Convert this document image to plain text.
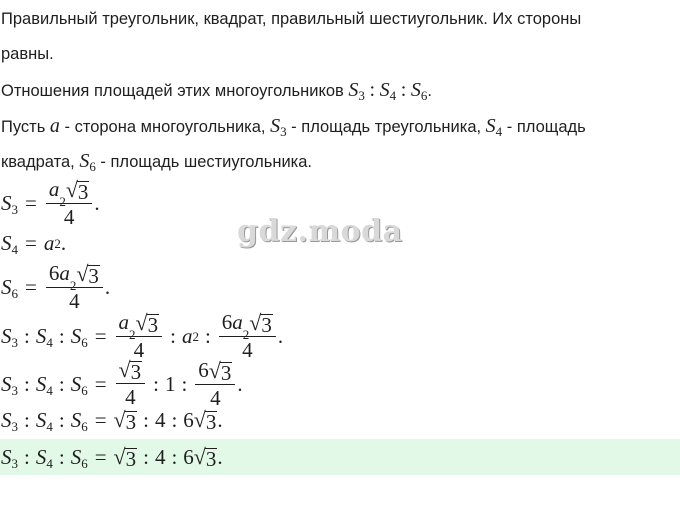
Правильный треугольник, квадрат, правильный шестиугольник. Их стороны
равны.
Отношения площадей этих многоугольников $S_3$ : $S_4$ : $S_6$.
Пусть a - сторона многоугольника, $S_3$ - площадь треугольника, $S_4$ - площадь
квадрата, $S_6$ - площадь шестиугольника.
$S_3 = a$
2 √ 3
4 .
$S_4 = a$ 2 .
$S_6 = 6$ a
2 √ 3
4 .
$S_3$ : $S_4$ : $S_6 = a$
2 √ 3
4 : a 2 : 6 a
2 √ 3
4 .
$S_3$ : $S_4$ : $S_6 = \frac{√ 3}{4}$ : 1 : $\frac{6 √ 3}{4}$ .
$S_3$ : $S_4$ : $S_6$ = √ 3 : 4 : 6 √ 3 .
$S_3$ : $S_4$ : $S_6$ = √ 3 : 4 : 6 √ 3 .
gdz.moda
